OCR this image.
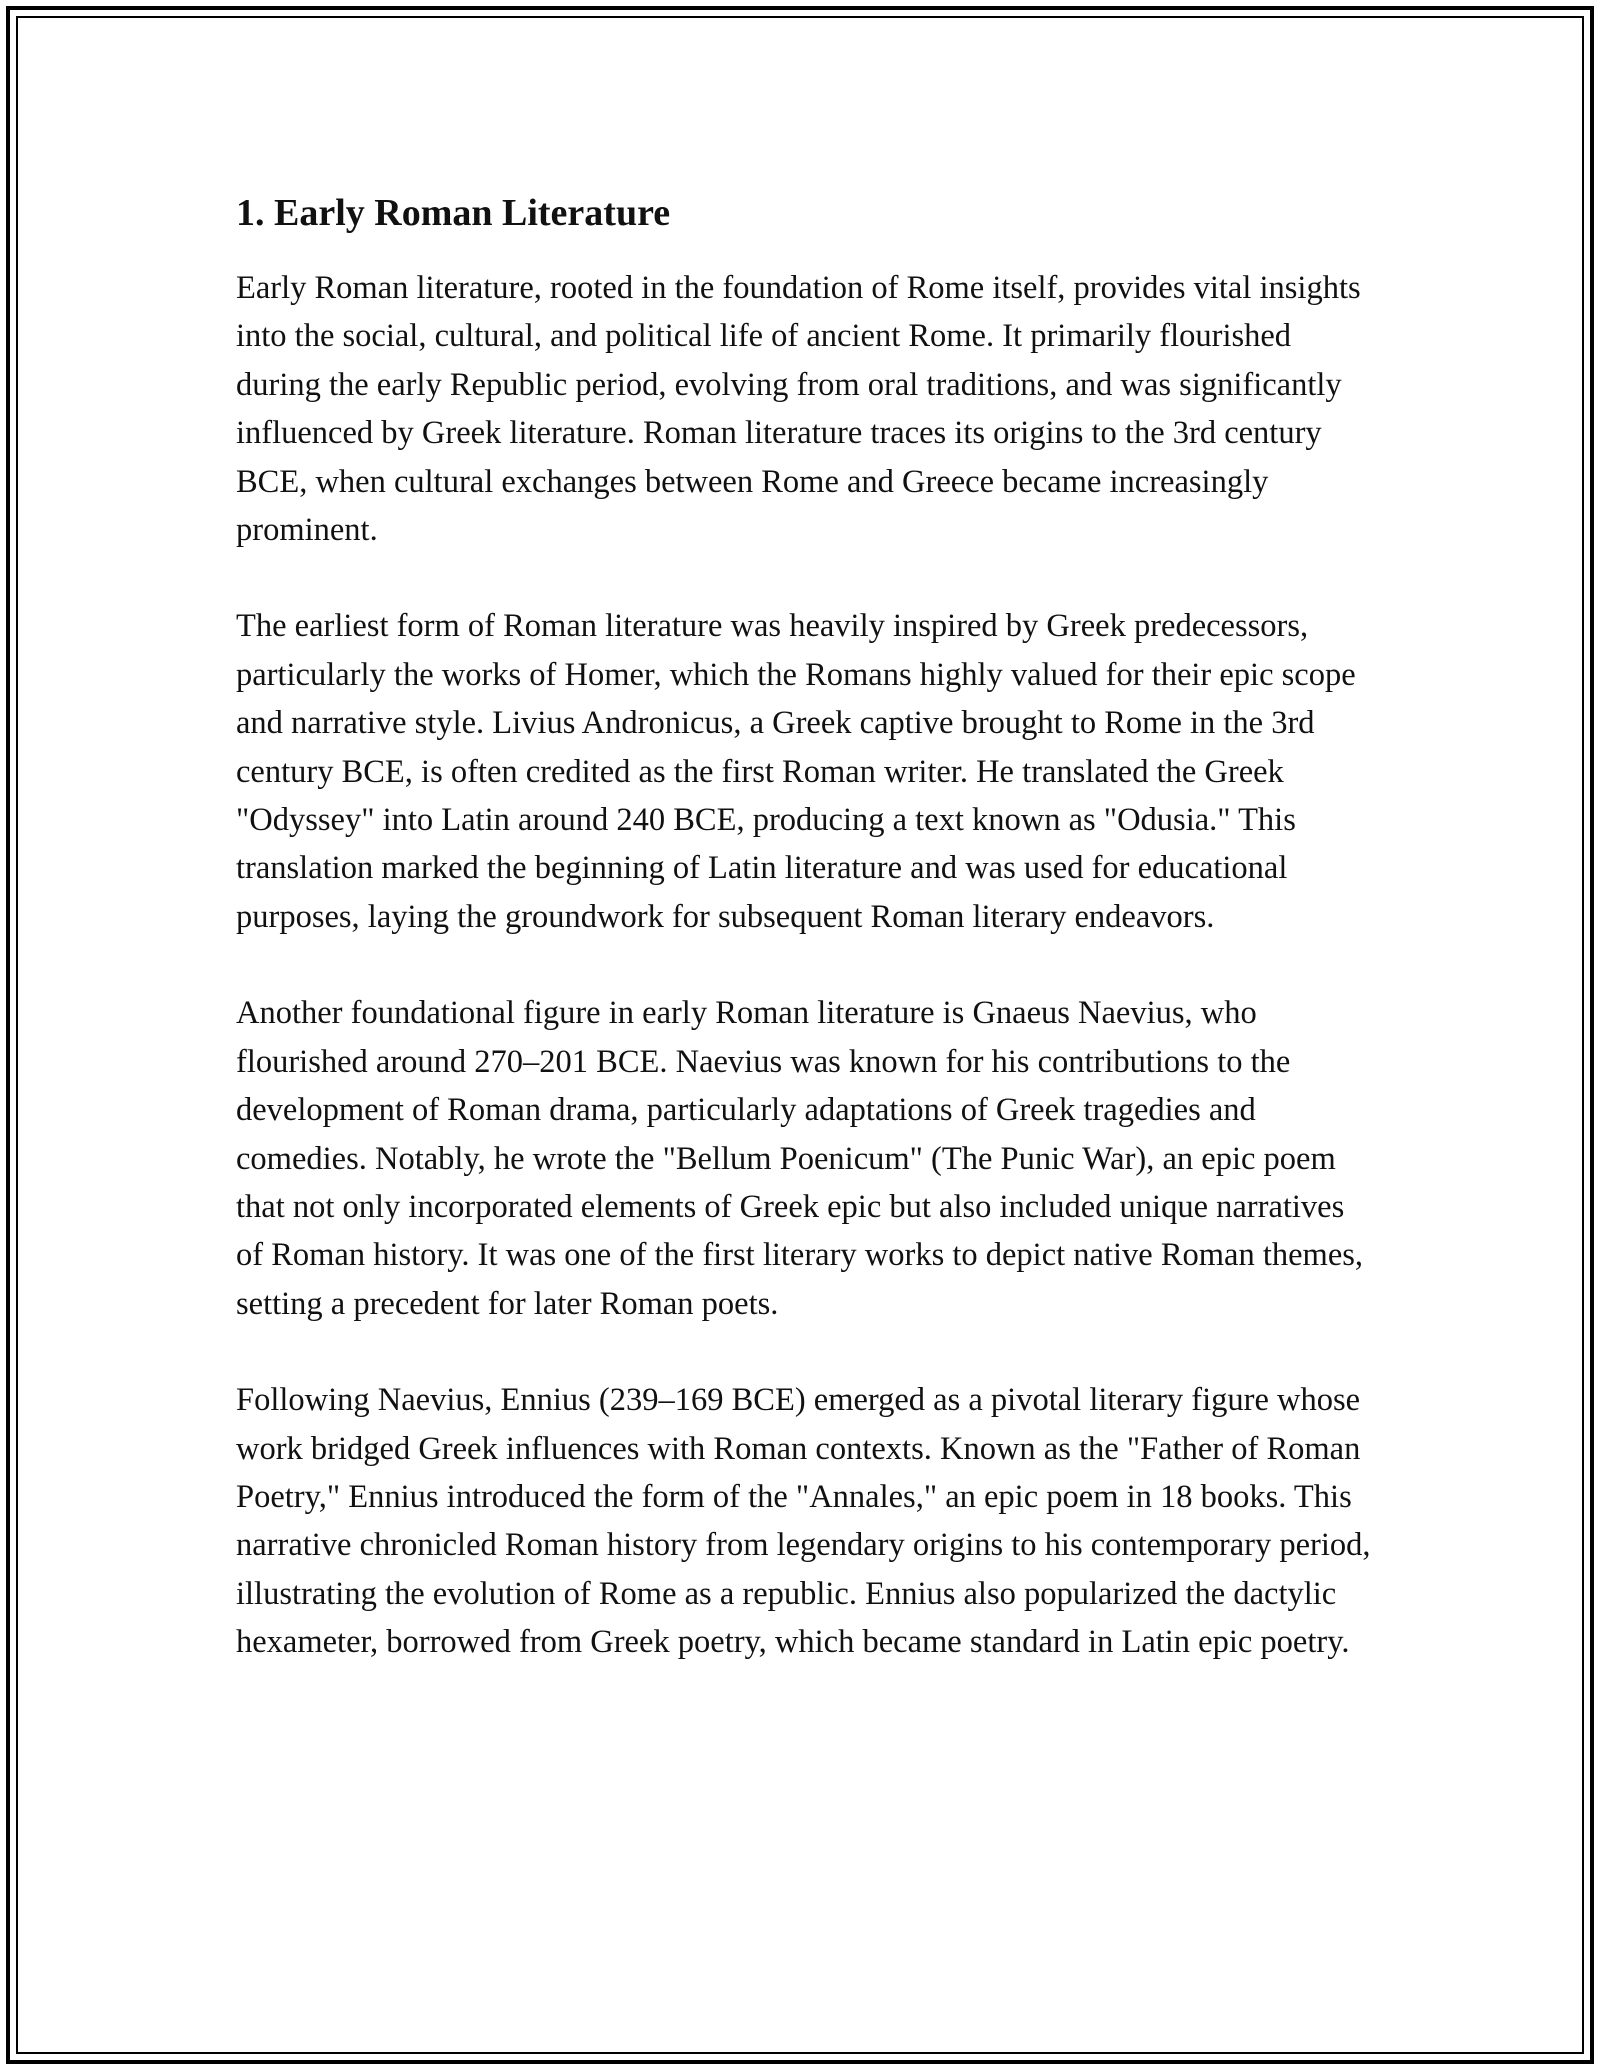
1. Early Roman Literature

Early Roman literature, rooted in the foundation of Rome itself, provides vital insights into the social, cultural, and political life of ancient Rome. It primarily flourished during the early Republic period, evolving from oral traditions, and was significantly influenced by Greek literature. Roman literature traces its origins to the 3rd century BCE, when cultural exchanges between Rome and Greece became increasingly prominent.

The earliest form of Roman literature was heavily inspired by Greek predecessors, particularly the works of Homer, which the Romans highly valued for their epic scope and narrative style. Livius Andronicus, a Greek captive brought to Rome in the 3rd century BCE, is often credited as the first Roman writer. He translated the Greek "Odyssey" into Latin around 240 BCE, producing a text known as "Odusia." This translation marked the beginning of Latin literature and was used for educational purposes, laying the groundwork for subsequent Roman literary endeavors.

Another foundational figure in early Roman literature is Gnaeus Naevius, who flourished around 270–201 BCE. Naevius was known for his contributions to the development of Roman drama, particularly adaptations of Greek tragedies and comedies. Notably, he wrote the "Bellum Poenicum" (The Punic War), an epic poem that not only incorporated elements of Greek epic but also included unique narratives of Roman history. It was one of the first literary works to depict native Roman themes, setting a precedent for later Roman poets.

Following Naevius, Ennius (239–169 BCE) emerged as a pivotal literary figure whose work bridged Greek influences with Roman contexts. Known as the "Father of Roman Poetry," Ennius introduced the form of the "Annales," an epic poem in 18 books. This narrative chronicled Roman history from legendary origins to his contemporary period, illustrating the evolution of Rome as a republic. Ennius also popularized the dactylic hexameter, borrowed from Greek poetry, which became standard in Latin epic poetry.
